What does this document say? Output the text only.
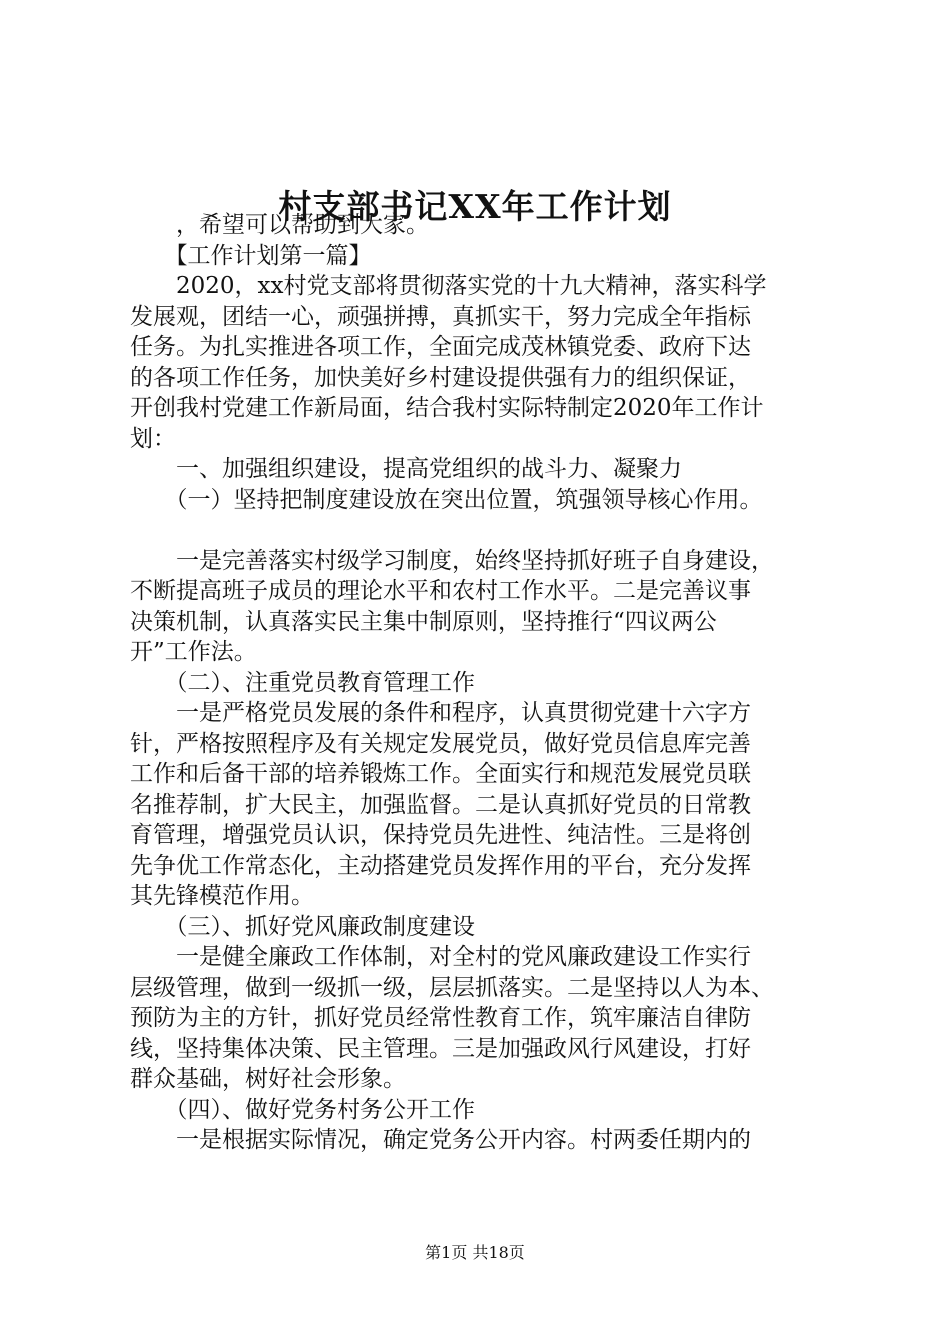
村支部书记XX年工作计划

　　，希望可以帮助到大家。

　　【工作计划第一篇】

　　2020，xx村党支部将贯彻落实党的十九大精神，落实科学

发展观，团结一心，顽强拼搏，真抓实干，努力完成全年指标

任务。为扎实推进各项工作，全面完成茂林镇党委、政府下达

的各项工作任务，加快美好乡村建设提供强有力的组织保证，

开创我村党建工作新局面，结合我村实际特制定2020年工作计

划：

　　一、加强组织建设，提高党组织的战斗力、凝聚力

　　（一）坚持把制度建设放在突出位置，筑强领导核心作用。

　　一是完善落实村级学习制度，始终坚持抓好班子自身建设，

不断提高班子成员的理论水平和农村工作水平。二是完善议事

决策机制，认真落实民主集中制原则，坚持推行“四议两公

开”工作法。

　　（二）、注重党员教育管理工作

　　一是严格党员发展的条件和程序，认真贯彻党建十六字方

针，严格按照程序及有关规定发展党员，做好党员信息库完善

工作和后备干部的培养锻炼工作。全面实行和规范发展党员联

名推荐制，扩大民主，加强监督。二是认真抓好党员的日常教

育管理，增强党员认识，保持党员先进性、纯洁性。三是将创

先争优工作常态化，主动搭建党员发挥作用的平台，充分发挥

其先锋模范作用。

　　（三）、抓好党风廉政制度建设

　　一是健全廉政工作体制，对全村的党风廉政建设工作实行

层级管理，做到一级抓一级，层层抓落实。二是坚持以人为本、

预防为主的方针，抓好党员经常性教育工作，筑牢廉洁自律防

线，坚持集体决策、民主管理。三是加强政风行风建设，打好

群众基础，树好社会形象。

　　（四）、做好党务村务公开工作

　　一是根据实际情况，确定党务公开内容。村两委任期内的

第1页 共18页
